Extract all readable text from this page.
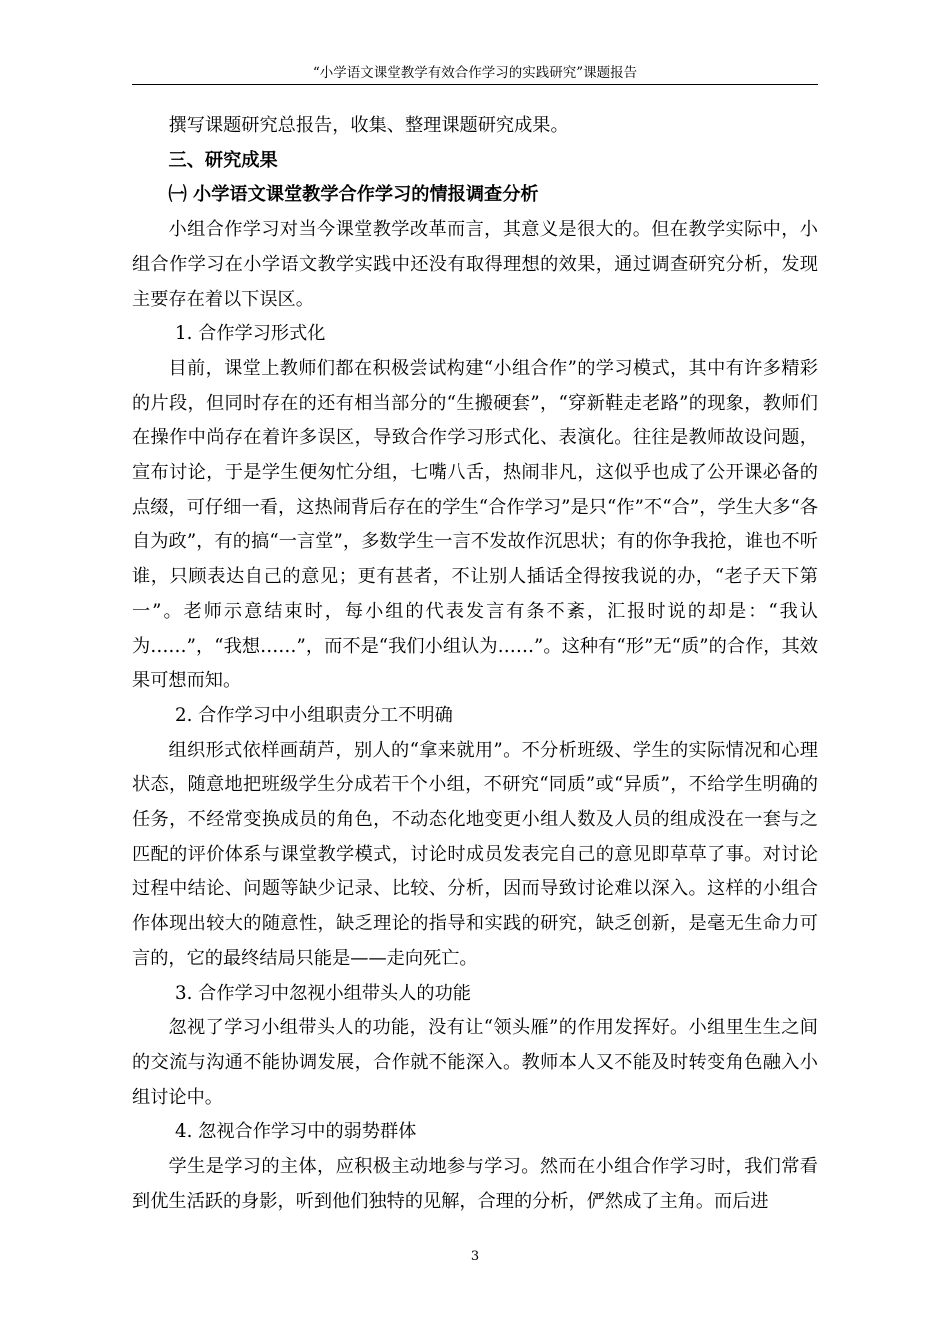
“小学语文课堂教学有效合作学习的实践研究”课题报告

撰写课题研究总报告，收集、整理课题研究成果。

三、研究成果

㈠ 小学语文课堂教学合作学习的情报调查分析

小组合作学习对当今课堂教学改革而言，其意义是很大的。但在教学实际中，小组合作学习在小学语文教学实践中还没有取得理想的效果，通过调查研究分析，发现主要存在着以下误区。

1. 合作学习形式化

目前，课堂上教师们都在积极尝试构建“小组合作”的学习模式，其中有许多精彩的片段，但同时存在的还有相当部分的“生搬硬套”，“穿新鞋走老路”的现象，教师们在操作中尚存在着许多误区，导致合作学习形式化、表演化。往往是教师故设问题，宣布讨论，于是学生便匆忙分组，七嘴八舌，热闹非凡，这似乎也成了公开课必备的点缀，可仔细一看，这热闹背后存在的学生“合作学习”是只“作”不“合”，学生大多“各自为政”，有的搞“一言堂”，多数学生一言不发故作沉思状；有的你争我抢，谁也不听谁，只顾表达自己的意见；更有甚者，不让别人插话全得按我说的办，“老子天下第一”。老师示意结束时，每小组的代表发言有条不紊，汇报时说的却是：“我认为……”，“我想……”，而不是“我们小组认为……”。这种有“形”无“质”的合作，其效果可想而知。

2. 合作学习中小组职责分工不明确

组织形式依样画葫芦，别人的“拿来就用”。不分析班级、学生的实际情况和心理状态，随意地把班级学生分成若干个小组，不研究“同质”或“异质”，不给学生明确的任务，不经常变换成员的角色，不动态化地变更小组人数及人员的组成没在一套与之匹配的评价体系与课堂教学模式，讨论时成员发表完自己的意见即草草了事。对讨论过程中结论、问题等缺少记录、比较、分析，因而导致讨论难以深入。这样的小组合作体现出较大的随意性，缺乏理论的指导和实践的研究，缺乏创新，是毫无生命力可言的，它的最终结局只能是——走向死亡。

3. 合作学习中忽视小组带头人的功能

忽视了学习小组带头人的功能，没有让“领头雁”的作用发挥好。小组里生生之间的交流与沟通不能协调发展，合作就不能深入。教师本人又不能及时转变角色融入小组讨论中。

4. 忽视合作学习中的弱势群体

学生是学习的主体，应积极主动地参与学习。然而在小组合作学习时，我们常看到优生活跃的身影，听到他们独特的见解，合理的分析，俨然成了主角。而后进

3
